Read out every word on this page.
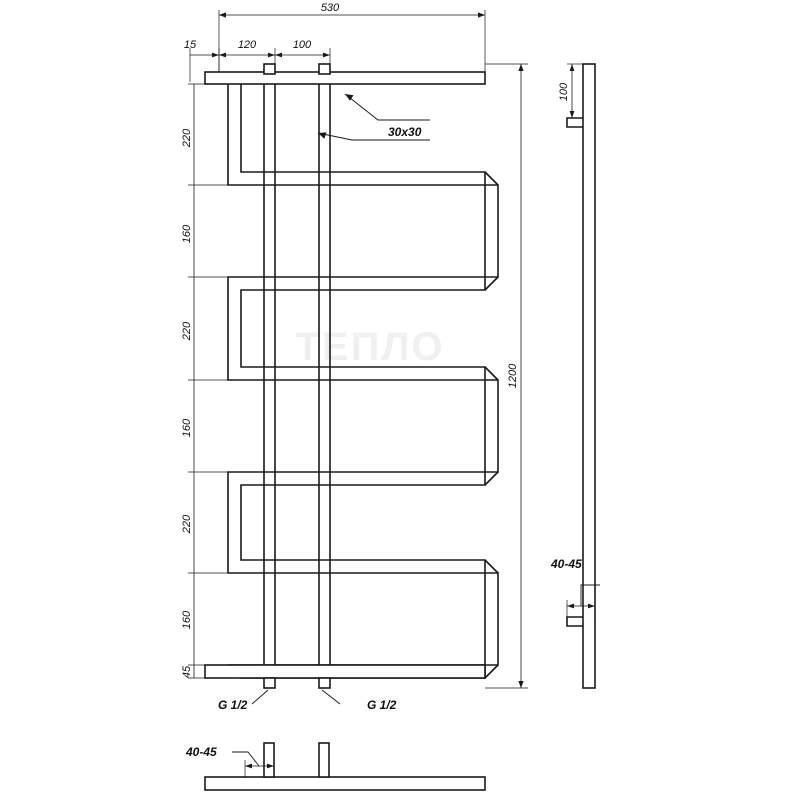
ТЕПЛО
530
15	120	100
220
160
220
160
220
160
45
1200
30x30
G 1/2	G 1/2
100
40-45
40-45
